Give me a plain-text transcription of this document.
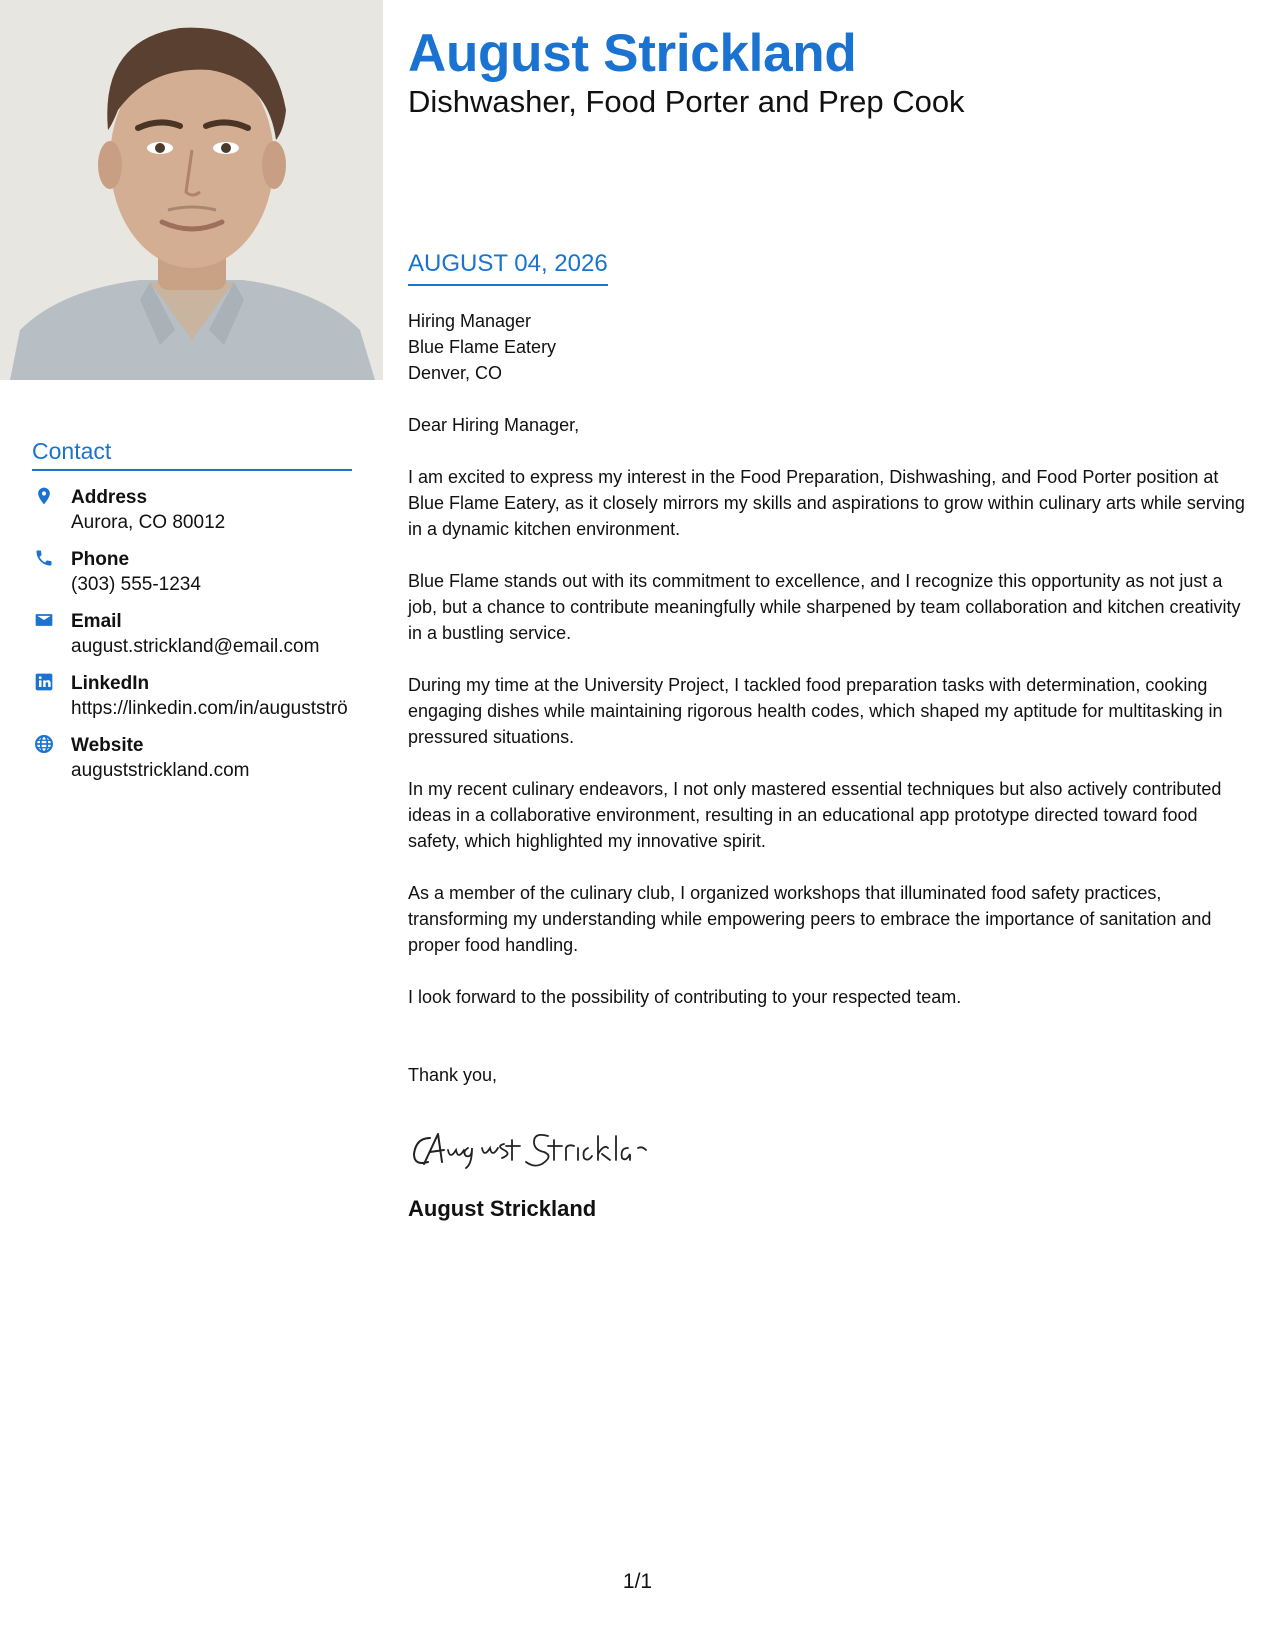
August Strickland
Dishwasher, Food Porter and Prep Cook
Contact
Address
Aurora, CO 80012
Phone
(303) 555-1234
Email
august.strickland@email.com
LinkedIn
https://linkedin.com/in/augustströ
Website
auguststrickland.com
AUGUST 04, 2026

Hiring Manager

Blue Flame Eatery

Denver, CO

Dear Hiring Manager,

I am excited to express my interest in the Food Preparation, Dishwashing, and Food Porter position at Blue Flame Eatery, as it closely mirrors my skills and aspirations to grow within culinary arts while serving in a dynamic kitchen environment.

Blue Flame stands out with its commitment to excellence, and I recognize this opportunity as not just a job, but a chance to contribute meaningfully while sharpened by team collaboration and kitchen creativity in a bustling service.

During my time at the University Project, I tackled food preparation tasks with determination, cooking engaging dishes while maintaining rigorous health codes, which shaped my aptitude for multitasking in pressured situations.

In my recent culinary endeavors, I not only mastered essential techniques but also actively contributed ideas in a collaborative environment, resulting in an educational app prototype directed toward food safety, which highlighted my innovative spirit.

As a member of the culinary club, I organized workshops that illuminated food safety practices, transforming my understanding while empowering peers to embrace the importance of sanitation and proper food handling.

I look forward to the possibility of contributing to your respected team.

Thank you,

August Strickland

1/1
